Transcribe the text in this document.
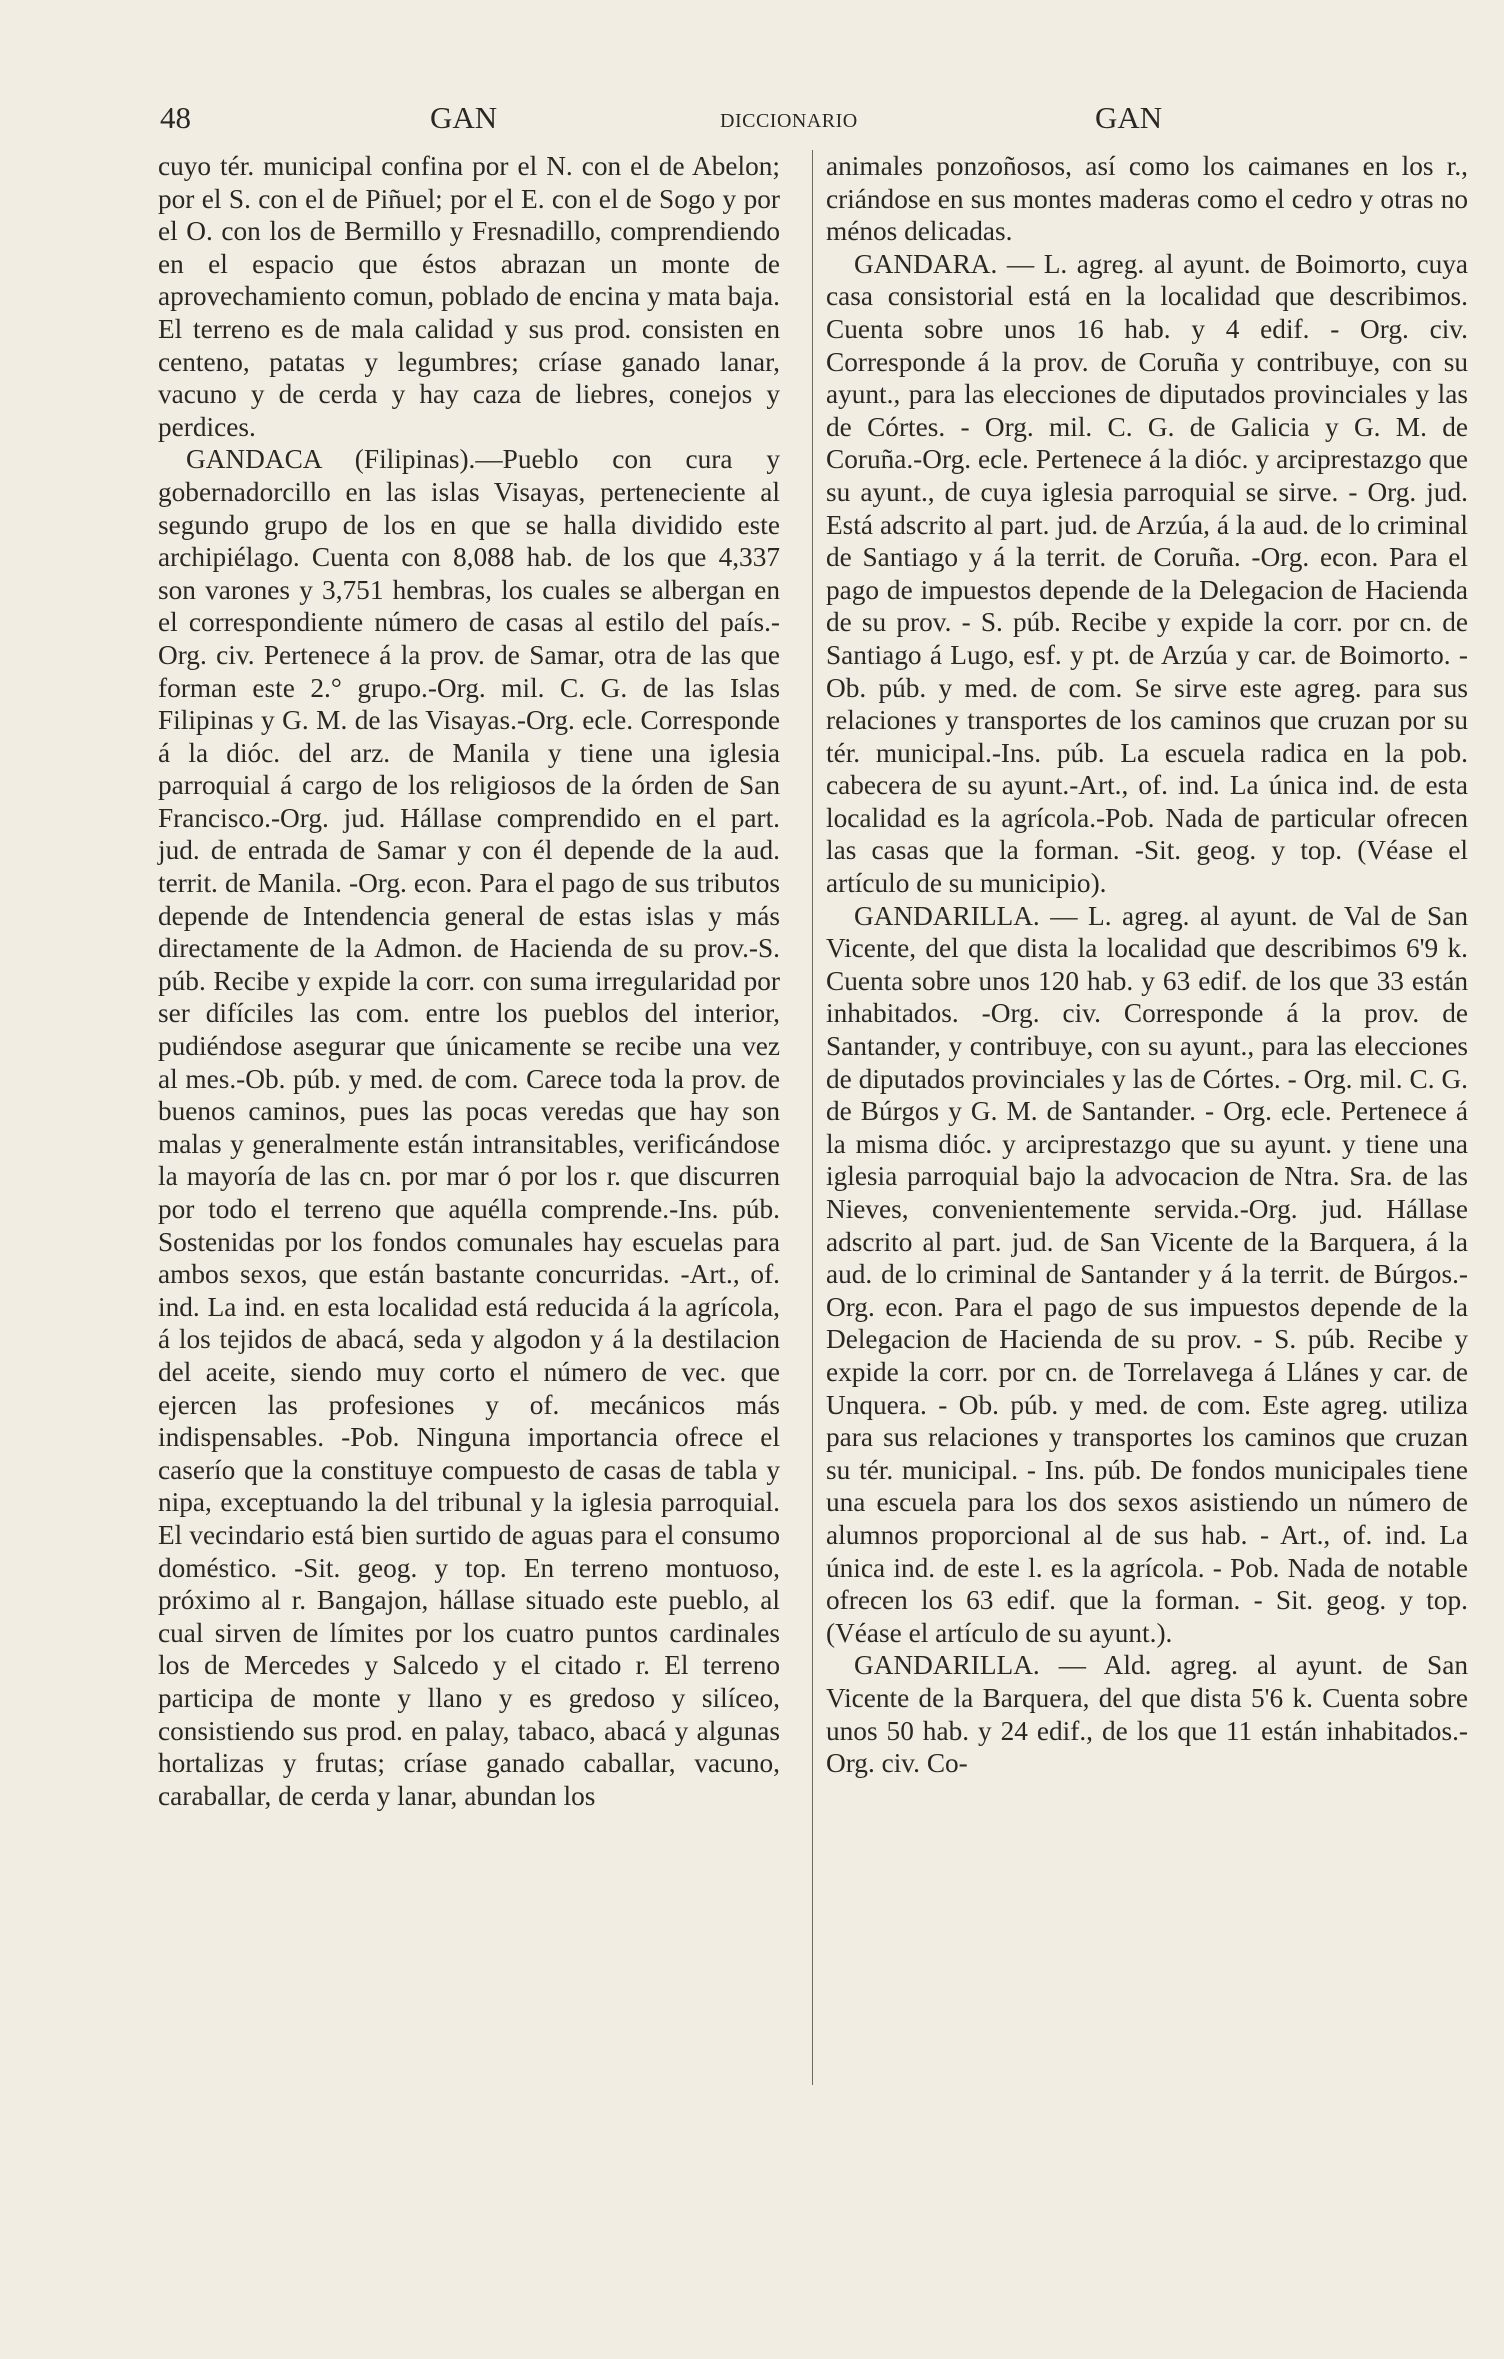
48	GAN	DICCIONARIO	GAN

cuyo tér. municipal confina por el N. con el de Abelon; por el S. con el de Piñuel; por el E. con el de Sogo y por el O. con los de Bermillo y Fresnadillo, comprendiendo en el espacio que éstos abrazan un monte de aprovechamiento comun, poblado de encina y mata baja. El terreno es de mala calidad y sus prod. consisten en centeno, patatas y legumbres; críase ganado lanar, vacuno y de cerda y hay caza de liebres, conejos y perdices.

GANDACA (Filipinas).—Pueblo con cura y gobernadorcillo en las islas Visayas, perteneciente al segundo grupo de los en que se halla dividido este archipiélago. Cuenta con 8,088 hab. de los que 4,337 son varones y 3,751 hembras, los cuales se albergan en el correspondiente número de casas al estilo del país.-Org. civ. Pertenece á la prov. de Samar, otra de las que forman este 2.° grupo.-Org. mil. C. G. de las Islas Filipinas y G. M. de las Visayas.-Org. ecle. Corresponde á la dióc. del arz. de Manila y tiene una iglesia parroquial á cargo de los religiosos de la órden de San Francisco.-Org. jud. Hállase comprendido en el part. jud. de entrada de Samar y con él depende de la aud. territ. de Manila. -Org. econ. Para el pago de sus tributos depende de Intendencia general de estas islas y más directamente de la Admon. de Hacienda de su prov.-S. púb. Recibe y expide la corr. con suma irregularidad por ser difíciles las com. entre los pueblos del interior, pudiéndose asegurar que únicamente se recibe una vez al mes.-Ob. púb. y med. de com. Carece toda la prov. de buenos caminos, pues las pocas veredas que hay son malas y generalmente están intransitables, verificándose la mayoría de las cn. por mar ó por los r. que discurren por todo el terreno que aquélla comprende.-Ins. púb. Sostenidas por los fondos comunales hay escuelas para ambos sexos, que están bastante concurridas. -Art., of. ind. La ind. en esta localidad está reducida á la agrícola, á los tejidos de abacá, seda y algodon y á la destilacion del aceite, siendo muy corto el número de vec. que ejercen las profesiones y of. mecánicos más indispensables. -Pob. Ninguna importancia ofrece el caserío que la constituye compuesto de casas de tabla y nipa, exceptuando la del tribunal y la iglesia parroquial. El vecindario está bien surtido de aguas para el consumo doméstico. -Sit. geog. y top. En terreno montuoso, próximo al r. Bangajon, hállase situado este pueblo, al cual sirven de límites por los cuatro puntos cardinales los de Mercedes y Salcedo y el citado r. El terreno participa de monte y llano y es gredoso y silíceo, consistiendo sus prod. en palay, tabaco, abacá y algunas hortalizas y frutas; críase ganado caballar, vacuno, caraballar, de cerda y lanar, abundan los

animales ponzoñosos, así como los caimanes en los r., criándose en sus montes maderas como el cedro y otras no ménos delicadas.

GANDARA. — L. agreg. al ayunt. de Boimorto, cuya casa consistorial está en la localidad que describimos. Cuenta sobre unos 16 hab. y 4 edif. - Org. civ. Corresponde á la prov. de Coruña y contribuye, con su ayunt., para las elecciones de diputados provinciales y las de Córtes. - Org. mil. C. G. de Galicia y G. M. de Coruña.-Org. ecle. Pertenece á la dióc. y arciprestazgo que su ayunt., de cuya iglesia parroquial se sirve. - Org. jud. Está adscrito al part. jud. de Arzúa, á la aud. de lo criminal de Santiago y á la territ. de Coruña. -Org. econ. Para el pago de impuestos depende de la Delegacion de Hacienda de su prov. - S. púb. Recibe y expide la corr. por cn. de Santiago á Lugo, esf. y pt. de Arzúa y car. de Boimorto. - Ob. púb. y med. de com. Se sirve este agreg. para sus relaciones y transportes de los caminos que cruzan por su tér. municipal.-Ins. púb. La escuela radica en la pob. cabecera de su ayunt.-Art., of. ind. La única ind. de esta localidad es la agrícola.-Pob. Nada de particular ofrecen las casas que la forman. -Sit. geog. y top. (Véase el artículo de su municipio).

GANDARILLA. — L. agreg. al ayunt. de Val de San Vicente, del que dista la localidad que describimos 6'9 k. Cuenta sobre unos 120 hab. y 63 edif. de los que 33 están inhabitados. -Org. civ. Corresponde á la prov. de Santander, y contribuye, con su ayunt., para las elecciones de diputados provinciales y las de Córtes. - Org. mil. C. G. de Búrgos y G. M. de Santander. - Org. ecle. Pertenece á la misma dióc. y arciprestazgo que su ayunt. y tiene una iglesia parroquial bajo la advocacion de Ntra. Sra. de las Nieves, convenientemente servida.-Org. jud. Hállase adscrito al part. jud. de San Vicente de la Barquera, á la aud. de lo criminal de Santander y á la territ. de Búrgos.-Org. econ. Para el pago de sus impuestos depende de la Delegacion de Hacienda de su prov. - S. púb. Recibe y expide la corr. por cn. de Torrelavega á Llánes y car. de Unquera. - Ob. púb. y med. de com. Este agreg. utiliza para sus relaciones y transportes los caminos que cruzan su tér. municipal. - Ins. púb. De fondos municipales tiene una escuela para los dos sexos asistiendo un número de alumnos proporcional al de sus hab. - Art., of. ind. La única ind. de este l. es la agrícola. - Pob. Nada de notable ofrecen los 63 edif. que la forman. - Sit. geog. y top. (Véase el artículo de su ayunt.).

GANDARILLA. — Ald. agreg. al ayunt. de San Vicente de la Barquera, del que dista 5'6 k. Cuenta sobre unos 50 hab. y 24 edif., de los que 11 están inhabitados.-Org. civ. Co-
